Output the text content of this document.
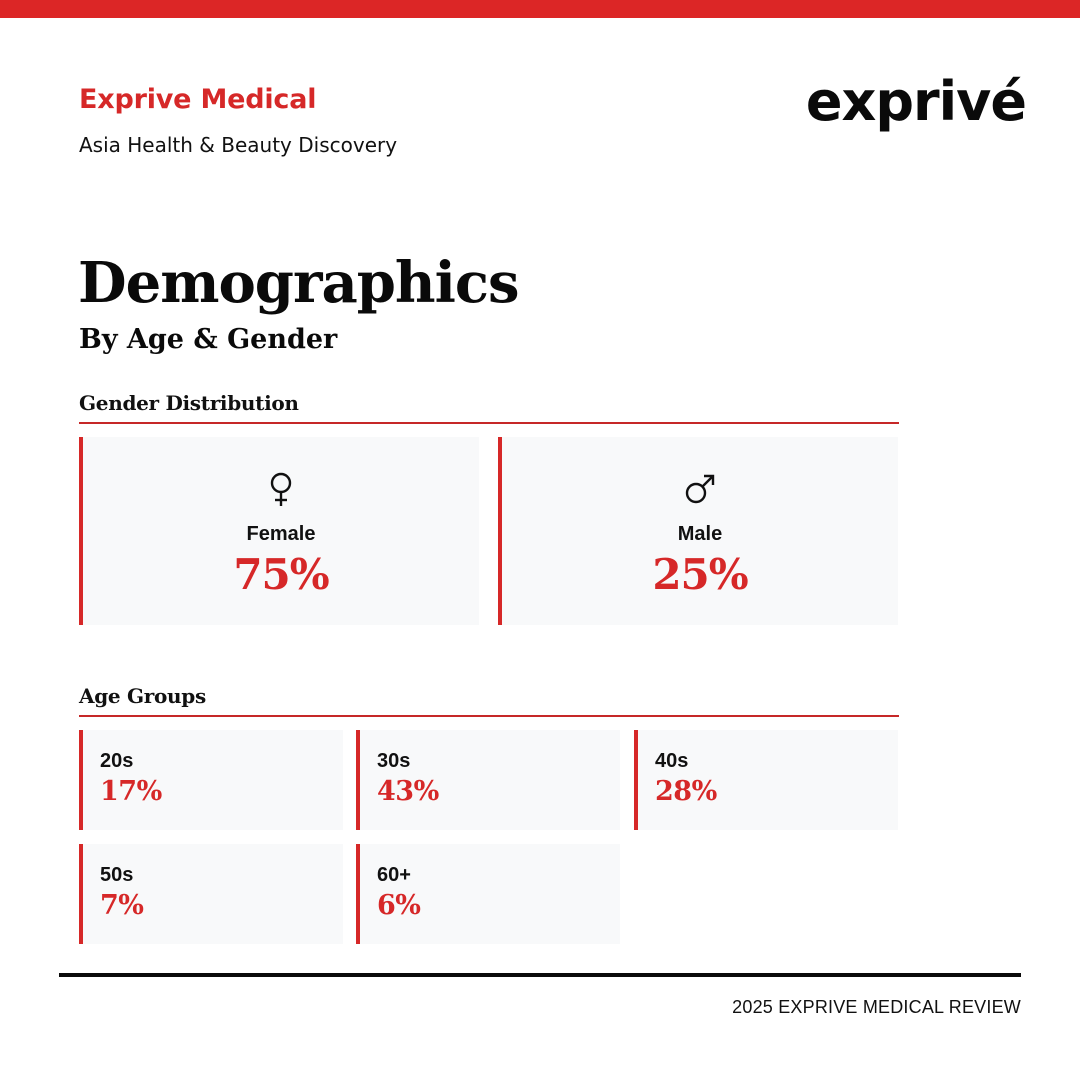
Exprive Medical
Asia Health & Beauty Discovery
exprivé
Demographics
By Age & Gender
Gender Distribution
Female
75%
Male
25%
Age Groups
20s
17%
30s
43%
40s
28%
50s
7%
60+
6%
2025 EXPRIVE MEDICAL REVIEW
